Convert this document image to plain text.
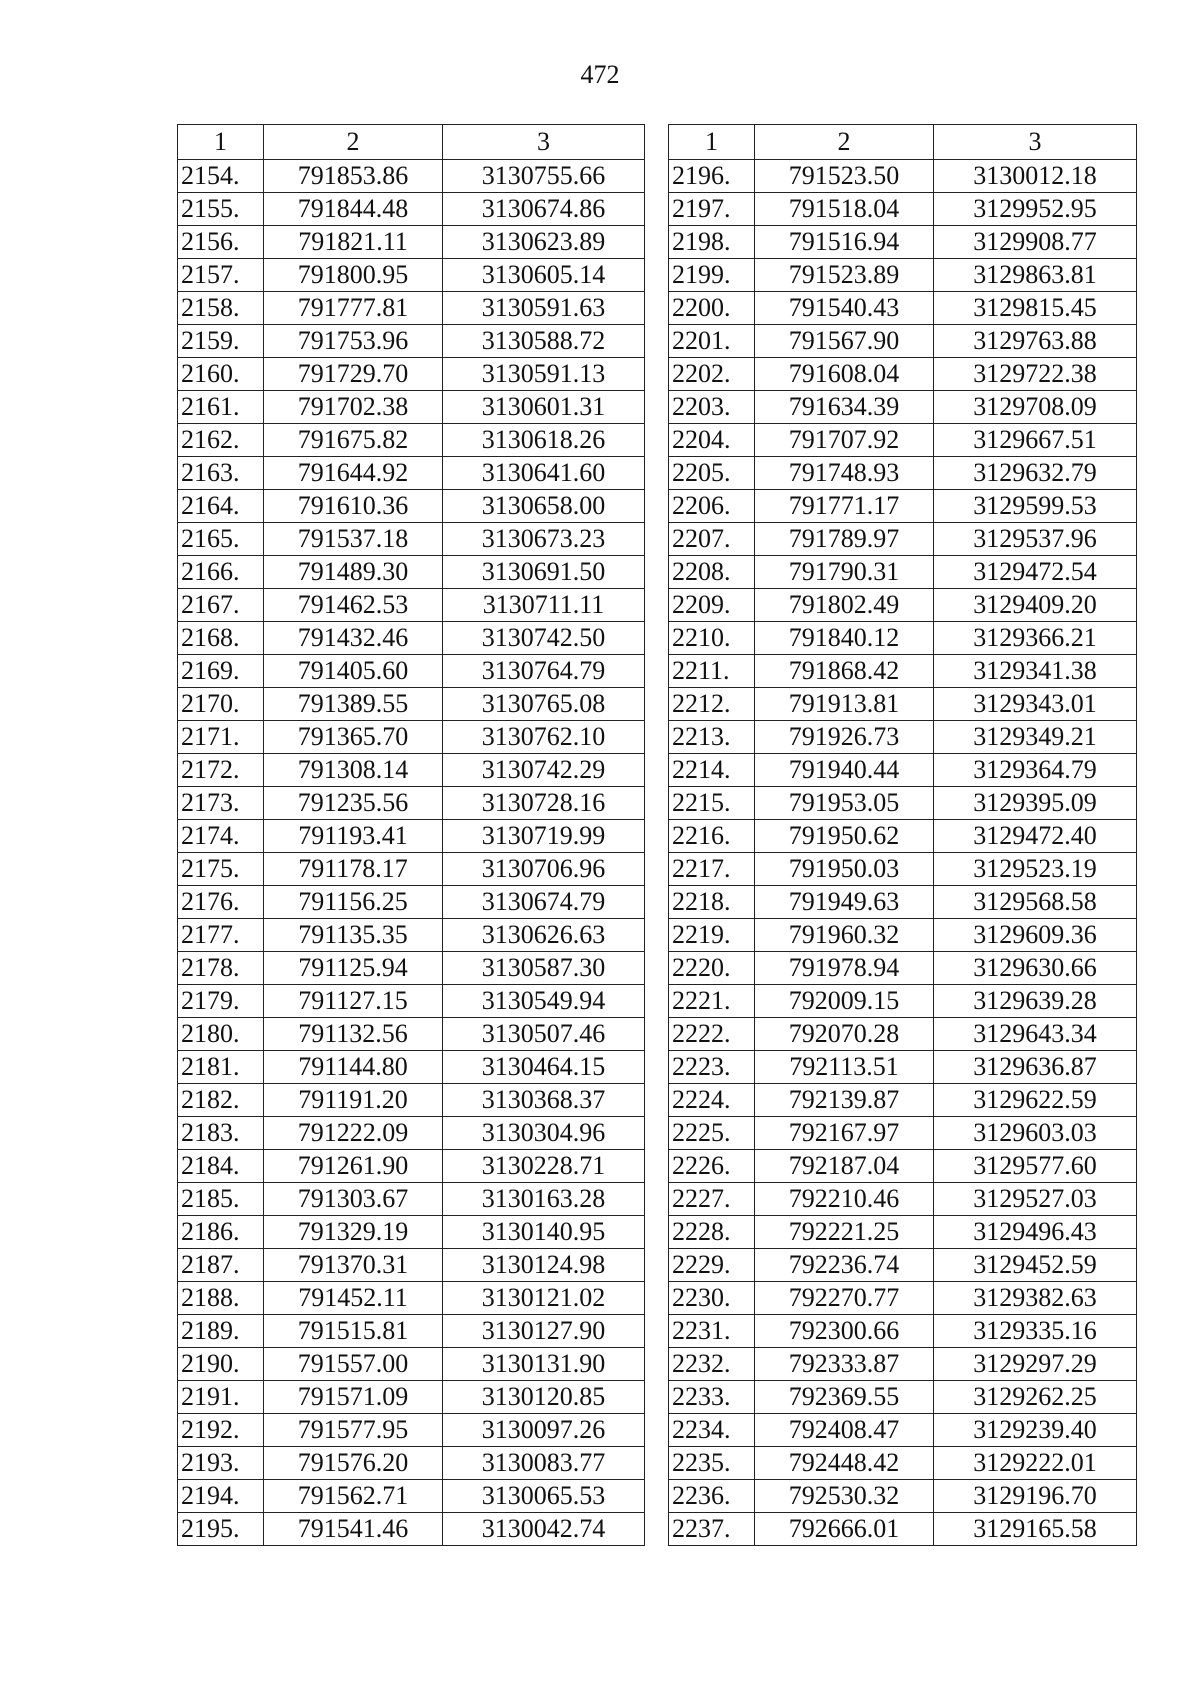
472
1	2	3
2154.	791853.86	3130755.66
2155.	791844.48	3130674.86
2156.	791821.11	3130623.89
2157.	791800.95	3130605.14
2158.	791777.81	3130591.63
2159.	791753.96	3130588.72
2160.	791729.70	3130591.13
2161.	791702.38	3130601.31
2162.	791675.82	3130618.26
2163.	791644.92	3130641.60
2164.	791610.36	3130658.00
2165.	791537.18	3130673.23
2166.	791489.30	3130691.50
2167.	791462.53	3130711.11
2168.	791432.46	3130742.50
2169.	791405.60	3130764.79
2170.	791389.55	3130765.08
2171.	791365.70	3130762.10
2172.	791308.14	3130742.29
2173.	791235.56	3130728.16
2174.	791193.41	3130719.99
2175.	791178.17	3130706.96
2176.	791156.25	3130674.79
2177.	791135.35	3130626.63
2178.	791125.94	3130587.30
2179.	791127.15	3130549.94
2180.	791132.56	3130507.46
2181.	791144.80	3130464.15
2182.	791191.20	3130368.37
2183.	791222.09	3130304.96
2184.	791261.90	3130228.71
2185.	791303.67	3130163.28
2186.	791329.19	3130140.95
2187.	791370.31	3130124.98
2188.	791452.11	3130121.02
2189.	791515.81	3130127.90
2190.	791557.00	3130131.90
2191.	791571.09	3130120.85
2192.	791577.95	3130097.26
2193.	791576.20	3130083.77
2194.	791562.71	3130065.53
2195.	791541.46	3130042.74
1	2	3
2196.	791523.50	3130012.18
2197.	791518.04	3129952.95
2198.	791516.94	3129908.77
2199.	791523.89	3129863.81
2200.	791540.43	3129815.45
2201.	791567.90	3129763.88
2202.	791608.04	3129722.38
2203.	791634.39	3129708.09
2204.	791707.92	3129667.51
2205.	791748.93	3129632.79
2206.	791771.17	3129599.53
2207.	791789.97	3129537.96
2208.	791790.31	3129472.54
2209.	791802.49	3129409.20
2210.	791840.12	3129366.21
2211.	791868.42	3129341.38
2212.	791913.81	3129343.01
2213.	791926.73	3129349.21
2214.	791940.44	3129364.79
2215.	791953.05	3129395.09
2216.	791950.62	3129472.40
2217.	791950.03	3129523.19
2218.	791949.63	3129568.58
2219.	791960.32	3129609.36
2220.	791978.94	3129630.66
2221.	792009.15	3129639.28
2222.	792070.28	3129643.34
2223.	792113.51	3129636.87
2224.	792139.87	3129622.59
2225.	792167.97	3129603.03
2226.	792187.04	3129577.60
2227.	792210.46	3129527.03
2228.	792221.25	3129496.43
2229.	792236.74	3129452.59
2230.	792270.77	3129382.63
2231.	792300.66	3129335.16
2232.	792333.87	3129297.29
2233.	792369.55	3129262.25
2234.	792408.47	3129239.40
2235.	792448.42	3129222.01
2236.	792530.32	3129196.70
2237.	792666.01	3129165.58
